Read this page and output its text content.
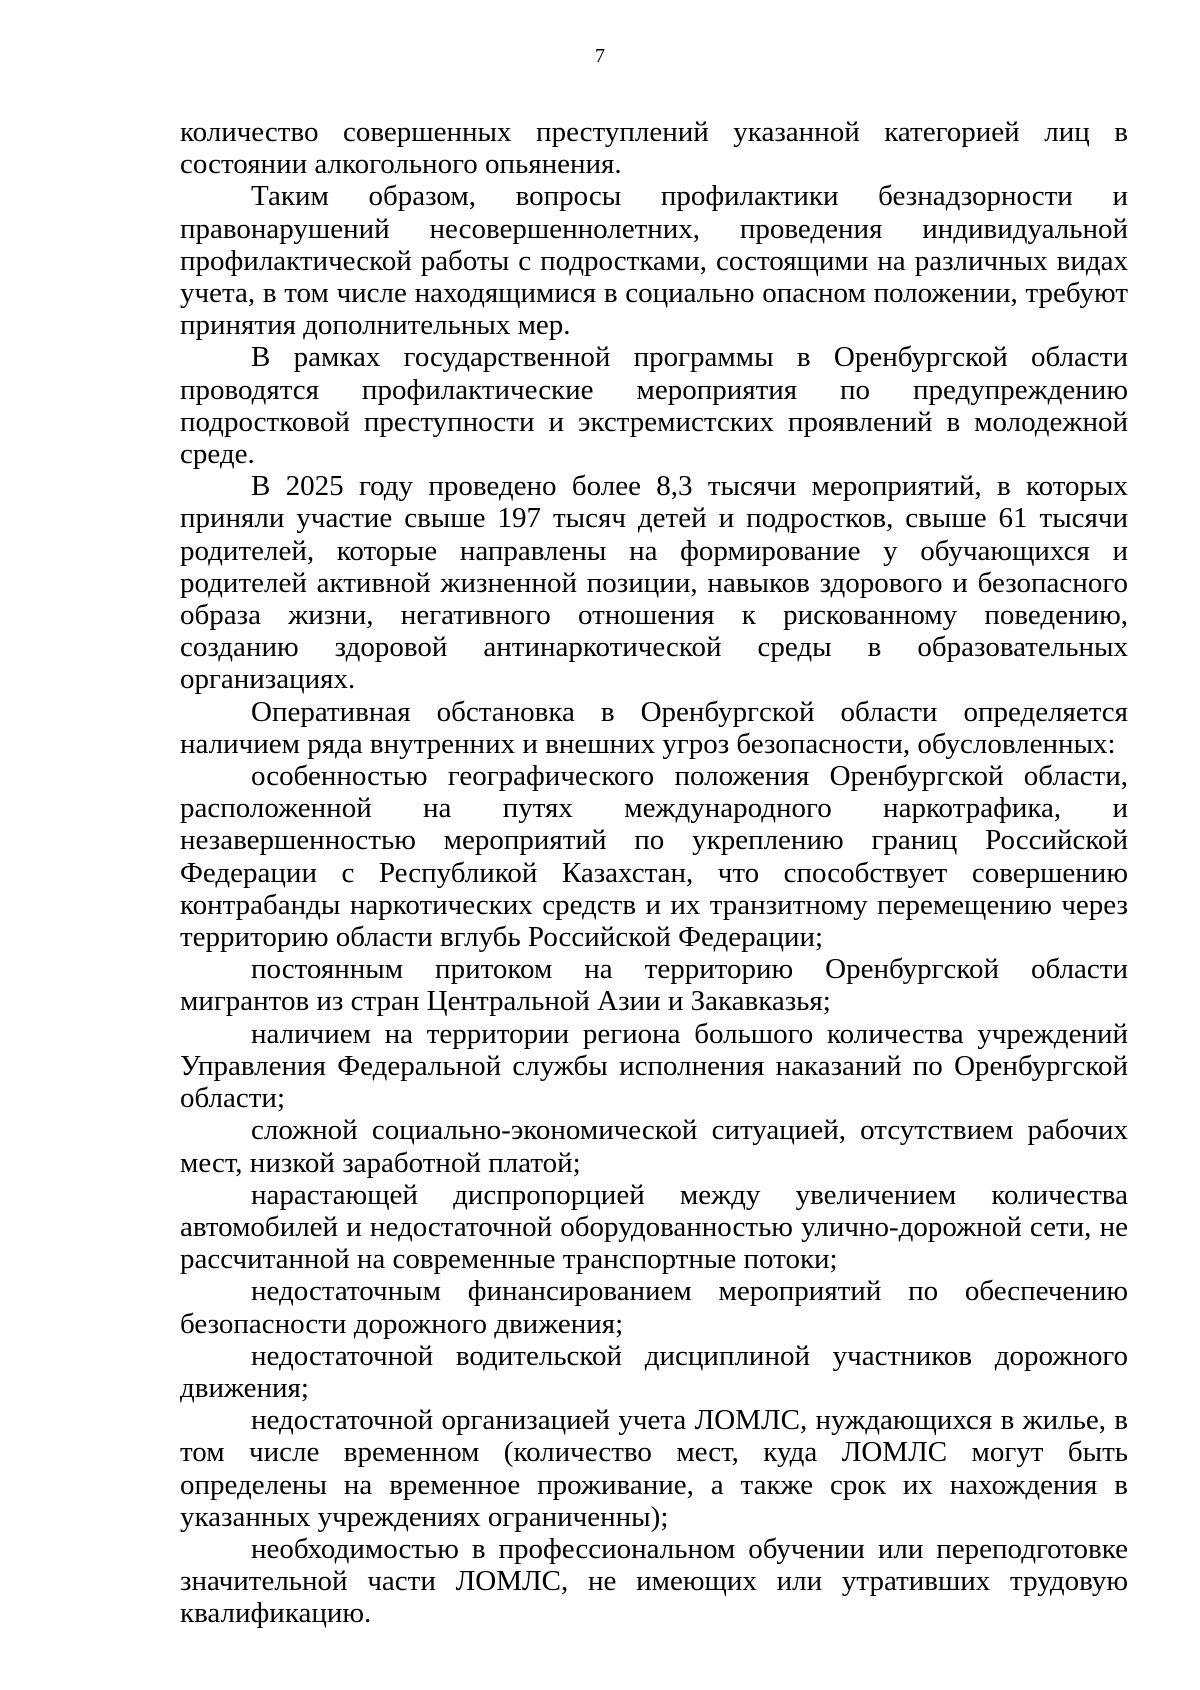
7

количество совершенных преступлений указанной категорией лиц в состоянии алкогольного опьянения.

Таким образом, вопросы профилактики безнадзорности и правонарушений несовершеннолетних, проведения индивидуальной профилактической работы с подростками, состоящими на различных видах учета, в том числе находящимися в социально опасном положении, требуют принятия дополнительных мер.

В рамках государственной программы в Оренбургской области проводятся профилактические мероприятия по предупреждению подростковой преступности и экстремистских проявлений в молодежной среде.

В 2025 году проведено более 8,3 тысячи мероприятий, в которых приняли участие свыше 197 тысяч детей и подростков, свыше 61 тысячи родителей, которые направлены на формирование у обучающихся и родителей активной жизненной позиции, навыков здорового и безопасного образа жизни, негативного отношения к рискованному поведению, созданию здоровой антинаркотической среды в образовательных организациях.

Оперативная обстановка в Оренбургской области определяется наличием ряда внутренних и внешних угроз безопасности, обусловленных:

особенностью географического положения Оренбургской области, расположенной на путях международного наркотрафика, и незавершенностью мероприятий по укреплению границ Российской Федерации с Республикой Казахстан, что способствует совершению контрабанды наркотических средств и их транзитному перемещению через территорию области вглубь Российской Федерации;

постоянным притоком на территорию Оренбургской области мигрантов из стран Центральной Азии и Закавказья;

наличием на территории региона большого количества учреждений Управления Федеральной службы исполнения наказаний по Оренбургской области;

сложной социально-экономической ситуацией, отсутствием рабочих мест, низкой заработной платой;

нарастающей диспропорцией между увеличением количества автомобилей и недостаточной оборудованностью улично-дорожной сети, не рассчитанной на современные транспортные потоки;

недостаточным финансированием мероприятий по обеспечению безопасности дорожного движения;

недостаточной водительской дисциплиной участников дорожного движения;

недостаточной организацией учета ЛОМЛС, нуждающихся в жилье, в том числе временном (количество мест, куда ЛОМЛС могут быть определены на временное проживание, а также срок их нахождения в указанных учреждениях ограниченны);

необходимостью в профессиональном обучении или переподготовке значительной части ЛОМЛС, не имеющих или утративших трудовую квалификацию.
